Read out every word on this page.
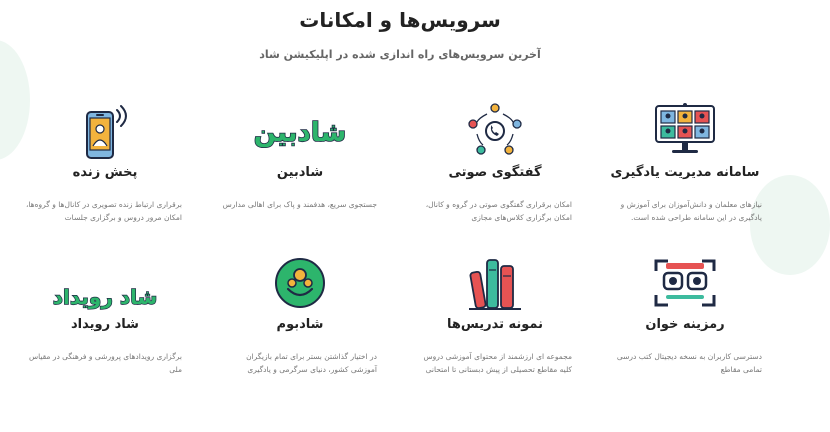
سرویس‌ها و امکانات
آخرین سرویس‌های راه اندازی شده در اپلیکیشن شاد
سامانه مدیریت یادگیری
نیازهای معلمان و دانش‌آموزان برای آموزش و یادگیری در این سامانه طراحی شده است.
گفتگوی صوتی
امکان برقراری گفتگوی صوتی در گروه و کانال، امکان برگزاری کلاس‌های مجازی
شادبین
شادبین
جستجوی سریع، هدفمند و پاک برای اهالی مدارس
پخش زنده
برقراری ارتباط زنده تصویری در کانال‌ها و گروه‌ها، امکان مرور دروس و برگزاری جلسات
رمزینه خوان
دسترسی کاربران به نسخه دیجیتال کتب درسی تمامی مقاطع
نمونه تدریس‌ها
مجموعه ای ارزشمند از محتوای آموزشی دروس کلیه مقاطع تحصیلی از پیش دبستانی تا امتحانی
شادبوم
در اختیار گذاشتن بستر برای تمام بازیگران آموزشی کشور، دنیای سرگرمی و یادگیری
شاد رویداد
شاد رویداد
برگزاری رویدادهای پرورشی و فرهنگی در مقیاس ملی
